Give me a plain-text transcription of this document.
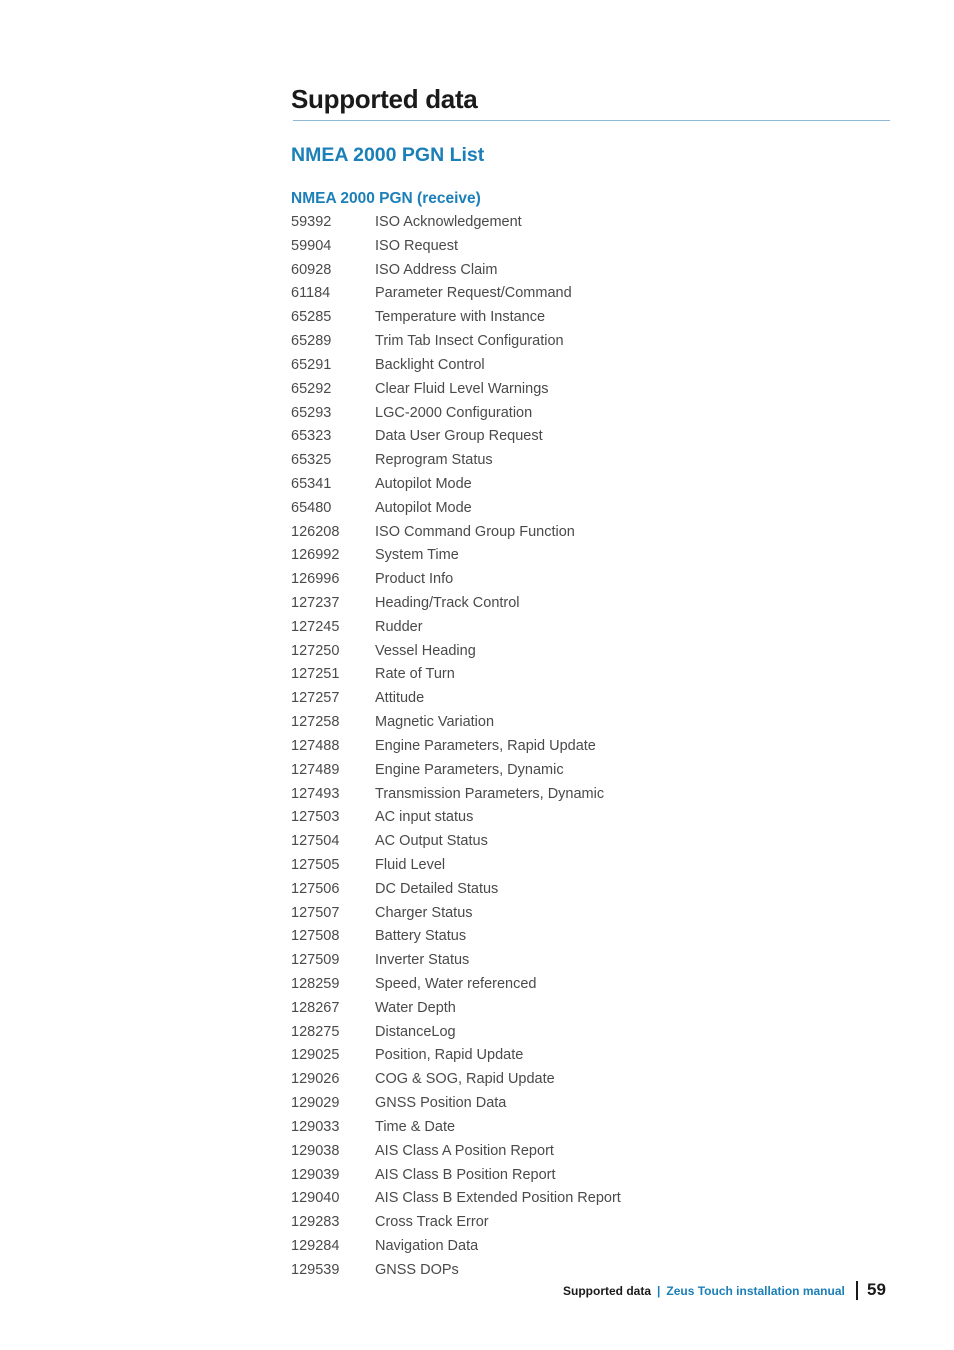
Supported data
NMEA 2000 PGN List
NMEA 2000 PGN (receive)
59392	ISO Acknowledgement
59904	ISO Request
60928	ISO Address Claim
61184	Parameter Request/Command
65285	Temperature with Instance
65289	Trim Tab Insect Configuration
65291	Backlight Control
65292	Clear Fluid Level Warnings
65293	LGC-2000 Configuration
65323	Data User Group Request
65325	Reprogram Status
65341	Autopilot Mode
65480	Autopilot Mode
126208 ISO Command Group Function
126992 System Time
126996 Product Info
127237 Heading/Track Control
127245 Rudder
127250 Vessel Heading
127251 Rate of Turn
127257 Attitude
127258 Magnetic Variation
127488 Engine Parameters, Rapid Update
127489 Engine Parameters, Dynamic
127493 Transmission Parameters, Dynamic
127503 AC input status
127504 AC Output Status
127505 Fluid Level
127506 DC Detailed Status
127507 Charger Status
127508 Battery Status
127509 Inverter Status
128259 Speed, Water referenced
128267 Water Depth
128275 DistanceLog
129025 Position, Rapid Update
129026 COG & SOG, Rapid Update
129029 GNSS Position Data
129033 Time & Date
129038 AIS Class A Position Report
129039 AIS Class B Position Report
129040 AIS Class B Extended Position Report
129283 Cross Track Error
129284 Navigation Data
129539 GNSS DOPs
Supported data | Zeus Touch installation manual 59
